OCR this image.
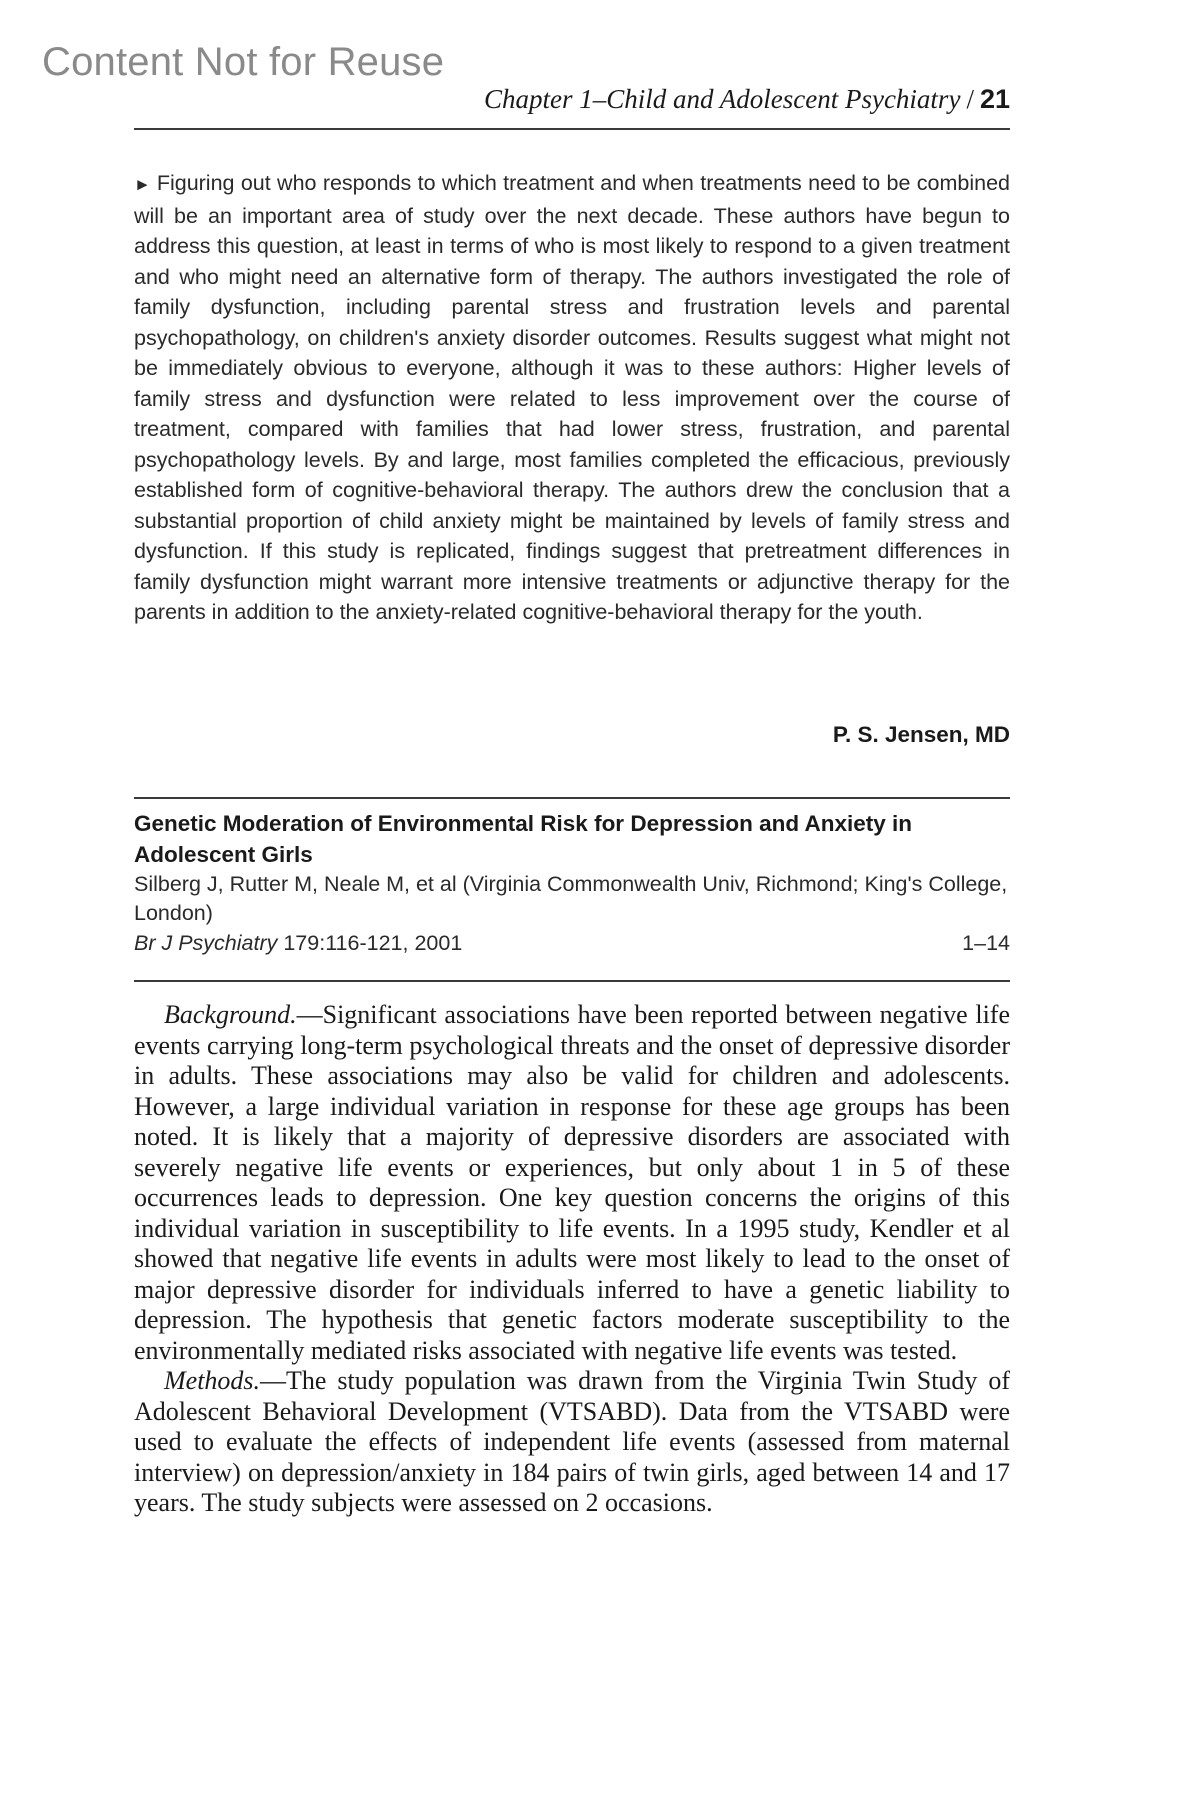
Content Not for Reuse
Chapter 1–Child and Adolescent Psychiatry / 21
► Figuring out who responds to which treatment and when treatments need to be combined will be an important area of study over the next decade. These authors have begun to address this question, at least in terms of who is most likely to respond to a given treatment and who might need an alternative form of therapy. The authors investigated the role of family dysfunction, including parental stress and frustration levels and parental psychopathology, on children's anxiety disorder outcomes. Results suggest what might not be immediately obvious to everyone, although it was to these authors: Higher levels of family stress and dysfunction were related to less improvement over the course of treatment, compared with families that had lower stress, frustration, and parental psychopathology levels. By and large, most families completed the efficacious, previously established form of cognitive-behavioral therapy. The authors drew the conclusion that a substantial proportion of child anxiety might be maintained by levels of family stress and dysfunction. If this study is replicated, findings suggest that pretreatment differences in family dysfunction might warrant more intensive treatments or adjunctive therapy for the parents in addition to the anxiety-related cognitive-behavioral therapy for the youth.
P. S. Jensen, MD
Genetic Moderation of Environmental Risk for Depression and Anxiety in Adolescent Girls
Silberg J, Rutter M, Neale M, et al (Virginia Commonwealth Univ, Richmond; King's College, London)
Br J Psychiatry 179:116-121, 2001	1–14

Background.—Significant associations have been reported between negative life events carrying long-term psychological threats and the onset of depressive disorder in adults. These associations may also be valid for children and adolescents. However, a large individual variation in response for these age groups has been noted. It is likely that a majority of depressive disorders are associated with severely negative life events or experiences, but only about 1 in 5 of these occurrences leads to depression. One key question concerns the origins of this individual variation in susceptibility to life events. In a 1995 study, Kendler et al showed that negative life events in adults were most likely to lead to the onset of major depressive disorder for individuals inferred to have a genetic liability to depression. The hypothesis that genetic factors moderate susceptibility to the environmentally mediated risks associated with negative life events was tested.

Methods.—The study population was drawn from the Virginia Twin Study of Adolescent Behavioral Development (VTSABD). Data from the VTSABD were used to evaluate the effects of independent life events (assessed from maternal interview) on depression/anxiety in 184 pairs of twin girls, aged between 14 and 17 years. The study subjects were assessed on 2 occasions.
